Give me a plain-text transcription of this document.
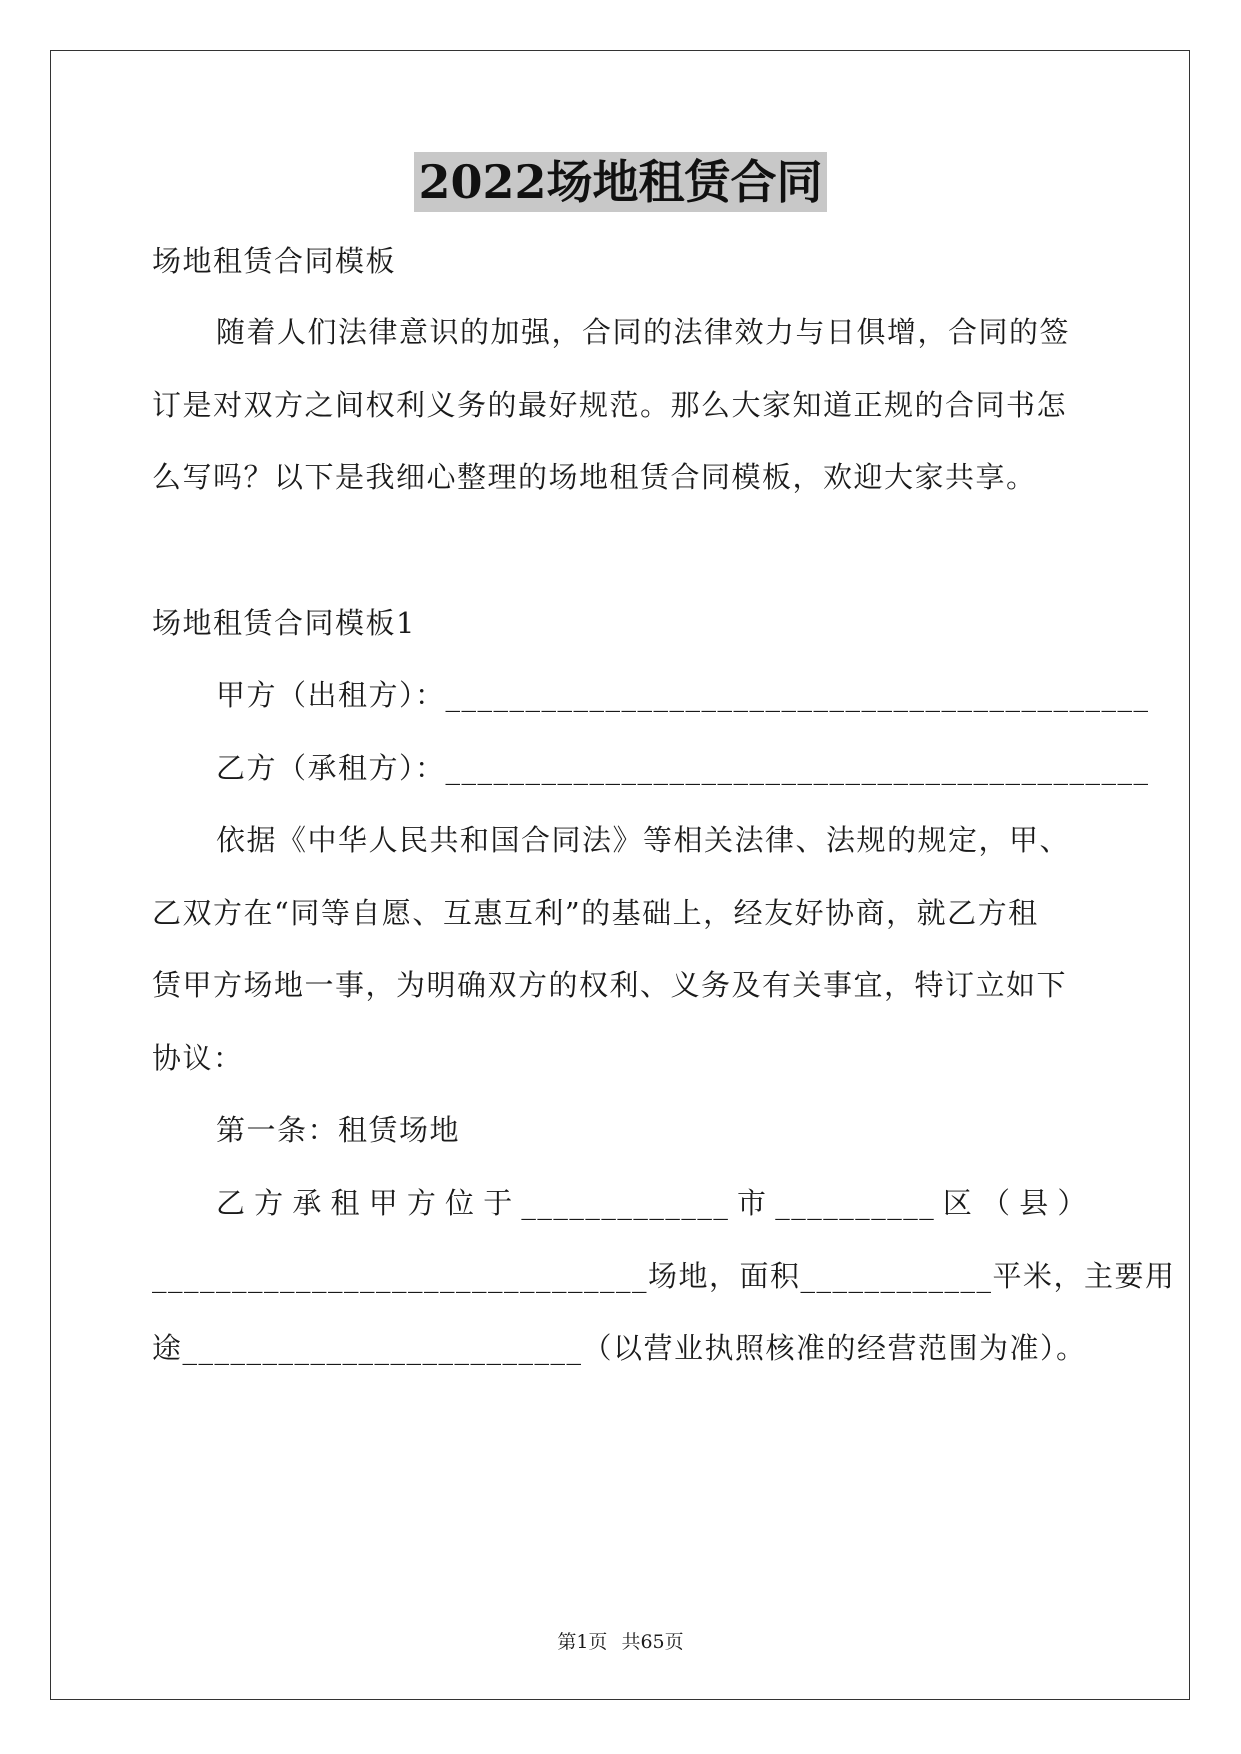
2022场地租赁合同
场地租赁合同模板
随着人们法律意识的加强，合同的法律效力与日俱增，合同的签
订是对双方之间权利义务的最好规范。那么大家知道正规的合同书怎
么写吗？以下是我细心整理的场地租赁合同模板，欢迎大家共享。
场地租赁合同模板1
甲方（出租方）：____________________________________________
乙方（承租方）：____________________________________________
依据《中华人民共和国合同法》等相关法律、法规的规定，甲、
乙双方在“同等自愿、互惠互利”的基础上，经友好协商，就乙方租
赁甲方场地一事，为明确双方的权利、义务及有关事宜，特订立如下
协议：
第一条：租赁场地
乙 方 承 租 甲 方 位 于 _____________ 市 __________ 区 （ 县 ）
_______________________________场地，面积____________平米，主要用
途_________________________（以营业执照核准的经营范围为准）。
第1页 共65页
